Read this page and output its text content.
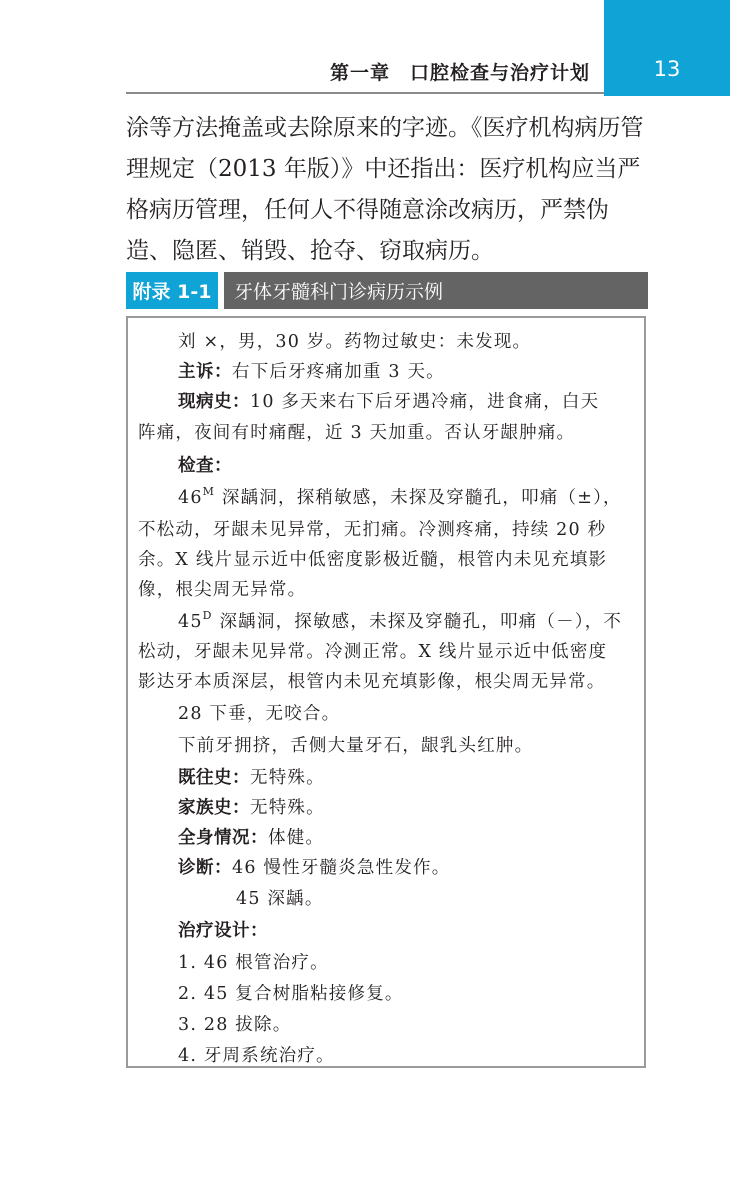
13
第一章　口腔检查与治疗计划

涂等方法掩盖或去除原来的字迹。《医疗机构病历管理规定（2013 年版）》中还指出：医疗机构应当严格病历管理，任何人不得随意涂改病历，严禁伪造、隐匿、销毁、抢夺、窃取病历。

附录 1-1	牙体牙髓科门诊病历示例
刘 ×，男，30 岁。药物过敏史：未发现。
主诉：右下后牙疼痛加重 3 天。
现病史：10 多天来右下后牙遇冷痛，进食痛，白天
阵痛，夜间有时痛醒，近 3 天加重。否认牙龈肿痛。
检查：
$46^M$ 深龋洞，探稍敏感，未探及穿髓孔，叩痛（±），
不松动，牙龈未见异常，无扪痛。冷测疼痛，持续 20 秒
余。X 线片显示近中低密度影极近髓，根管内未见充填影
像，根尖周无异常。
$45^D$ 深龋洞，探敏感，未探及穿髓孔，叩痛（－），不
松动，牙龈未见异常。冷测正常。X 线片显示近中低密度
影达牙本质深层，根管内未见充填影像，根尖周无异常。
28 下垂，无咬合。
下前牙拥挤，舌侧大量牙石，龈乳头红肿。
既往史：无特殊。
家族史：无特殊。
全身情况：体健。
诊断：46 慢性牙髓炎急性发作。
45 深龋。
治疗设计：
1. 46 根管治疗。
2. 45 复合树脂粘接修复。
3. 28 拔除。
4. 牙周系统治疗。
